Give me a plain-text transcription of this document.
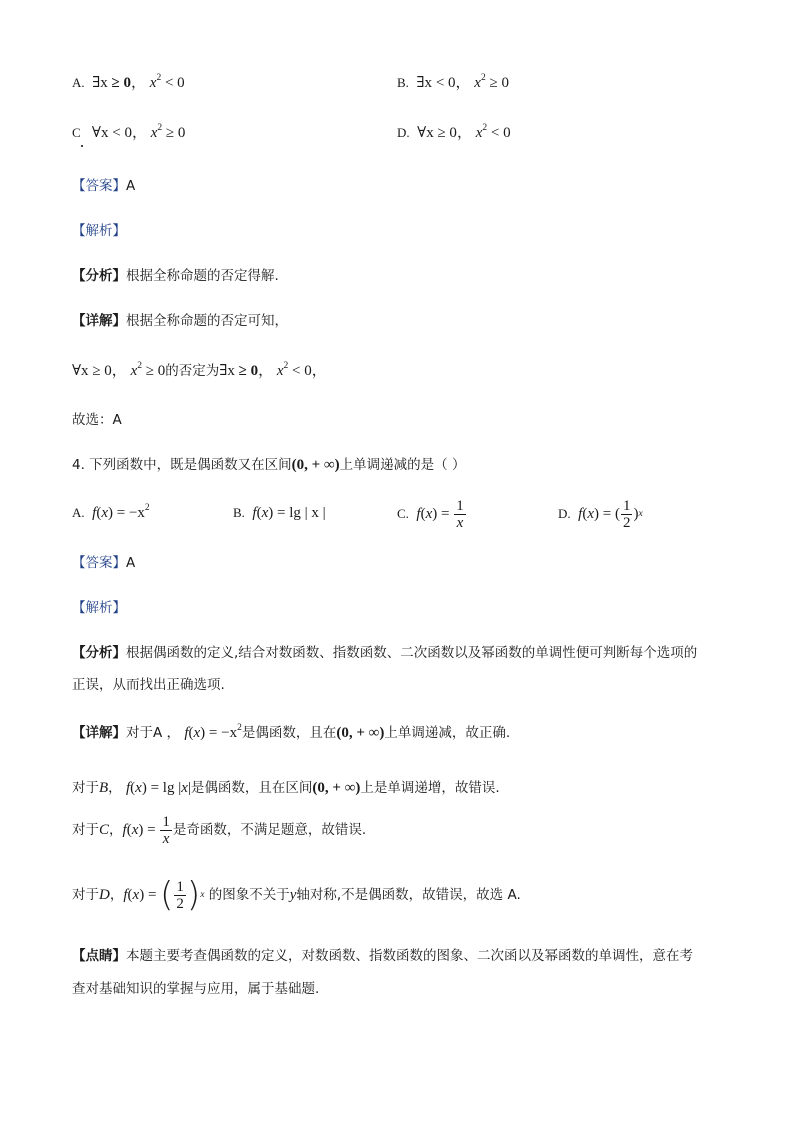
A. ∃x ≥ 0， $x^2 < 0$	B. ∃x < 0， $x^2 \ge 0$
C ∀x < 0， $x^2 \ge 0$	D. ∀x ≥ 0， $x^2 < 0$
【答案】A
【解析】
【分析】根据全称命题的否定得解.
【详解】根据全称命题的否定可知，
∀x ≥ 0， $x^2 \ge 0$的否定为∃x ≥ 0， $x^2 < 0$，
故选：A
4. 下列函数中，既是偶函数又在区间(0, + ∞)上单调递减的是（ ）
A. $f(x) = -x^2$	B. f(x) = lg | x |	C.
f ( x )
=
$\frac{1}{x}$	D.
f ( x )
= ( $\frac{1}{2}$ ) x
【答案】A
【解析】
【分析】根据偶函数的定义,结合对数函数、指数函数、二次函数以及幂函数的单调性便可判断每个选项的
正误，从而找出正确选项.
【详解】对于A ， $f(x) = -x^2$是偶函数，且在(0, + ∞)上单调递减，故正确.
对于B， f(x) = lg |x|是偶函数，且在区间(0, + ∞)上是单调递增，故错误.
对于 C ， $f(x) = \frac{1}{x}$ 是奇函数，不满足题意，故错误.
对于 D ， f(x) = ( $\frac{1}{2}$ ) x
的图象不关于 y 轴对称,不是偶函数，故错误，故选 A.
【点睛】本题主要考查偶函数的定义，对数函数、指数函数的图象、二次函以及幂函数的单调性，意在考
查对基础知识的掌握与应用，属于基础题.
